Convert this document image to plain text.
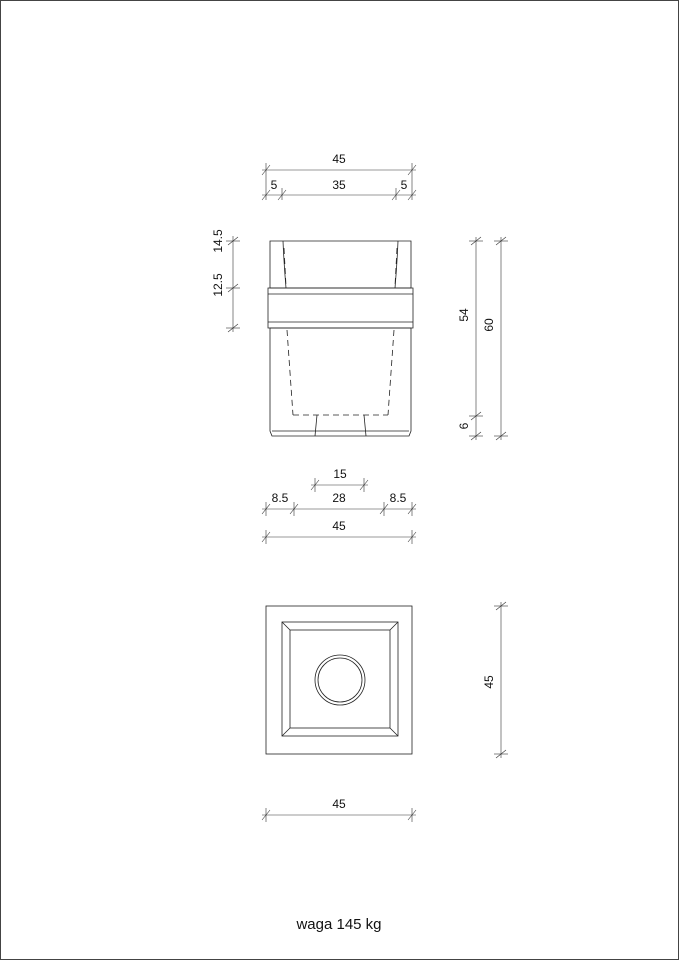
45
5	35	5
14.5
12.5
54
6
60
15
8.5	28	8.5
45
45
45
waga 145 kg
